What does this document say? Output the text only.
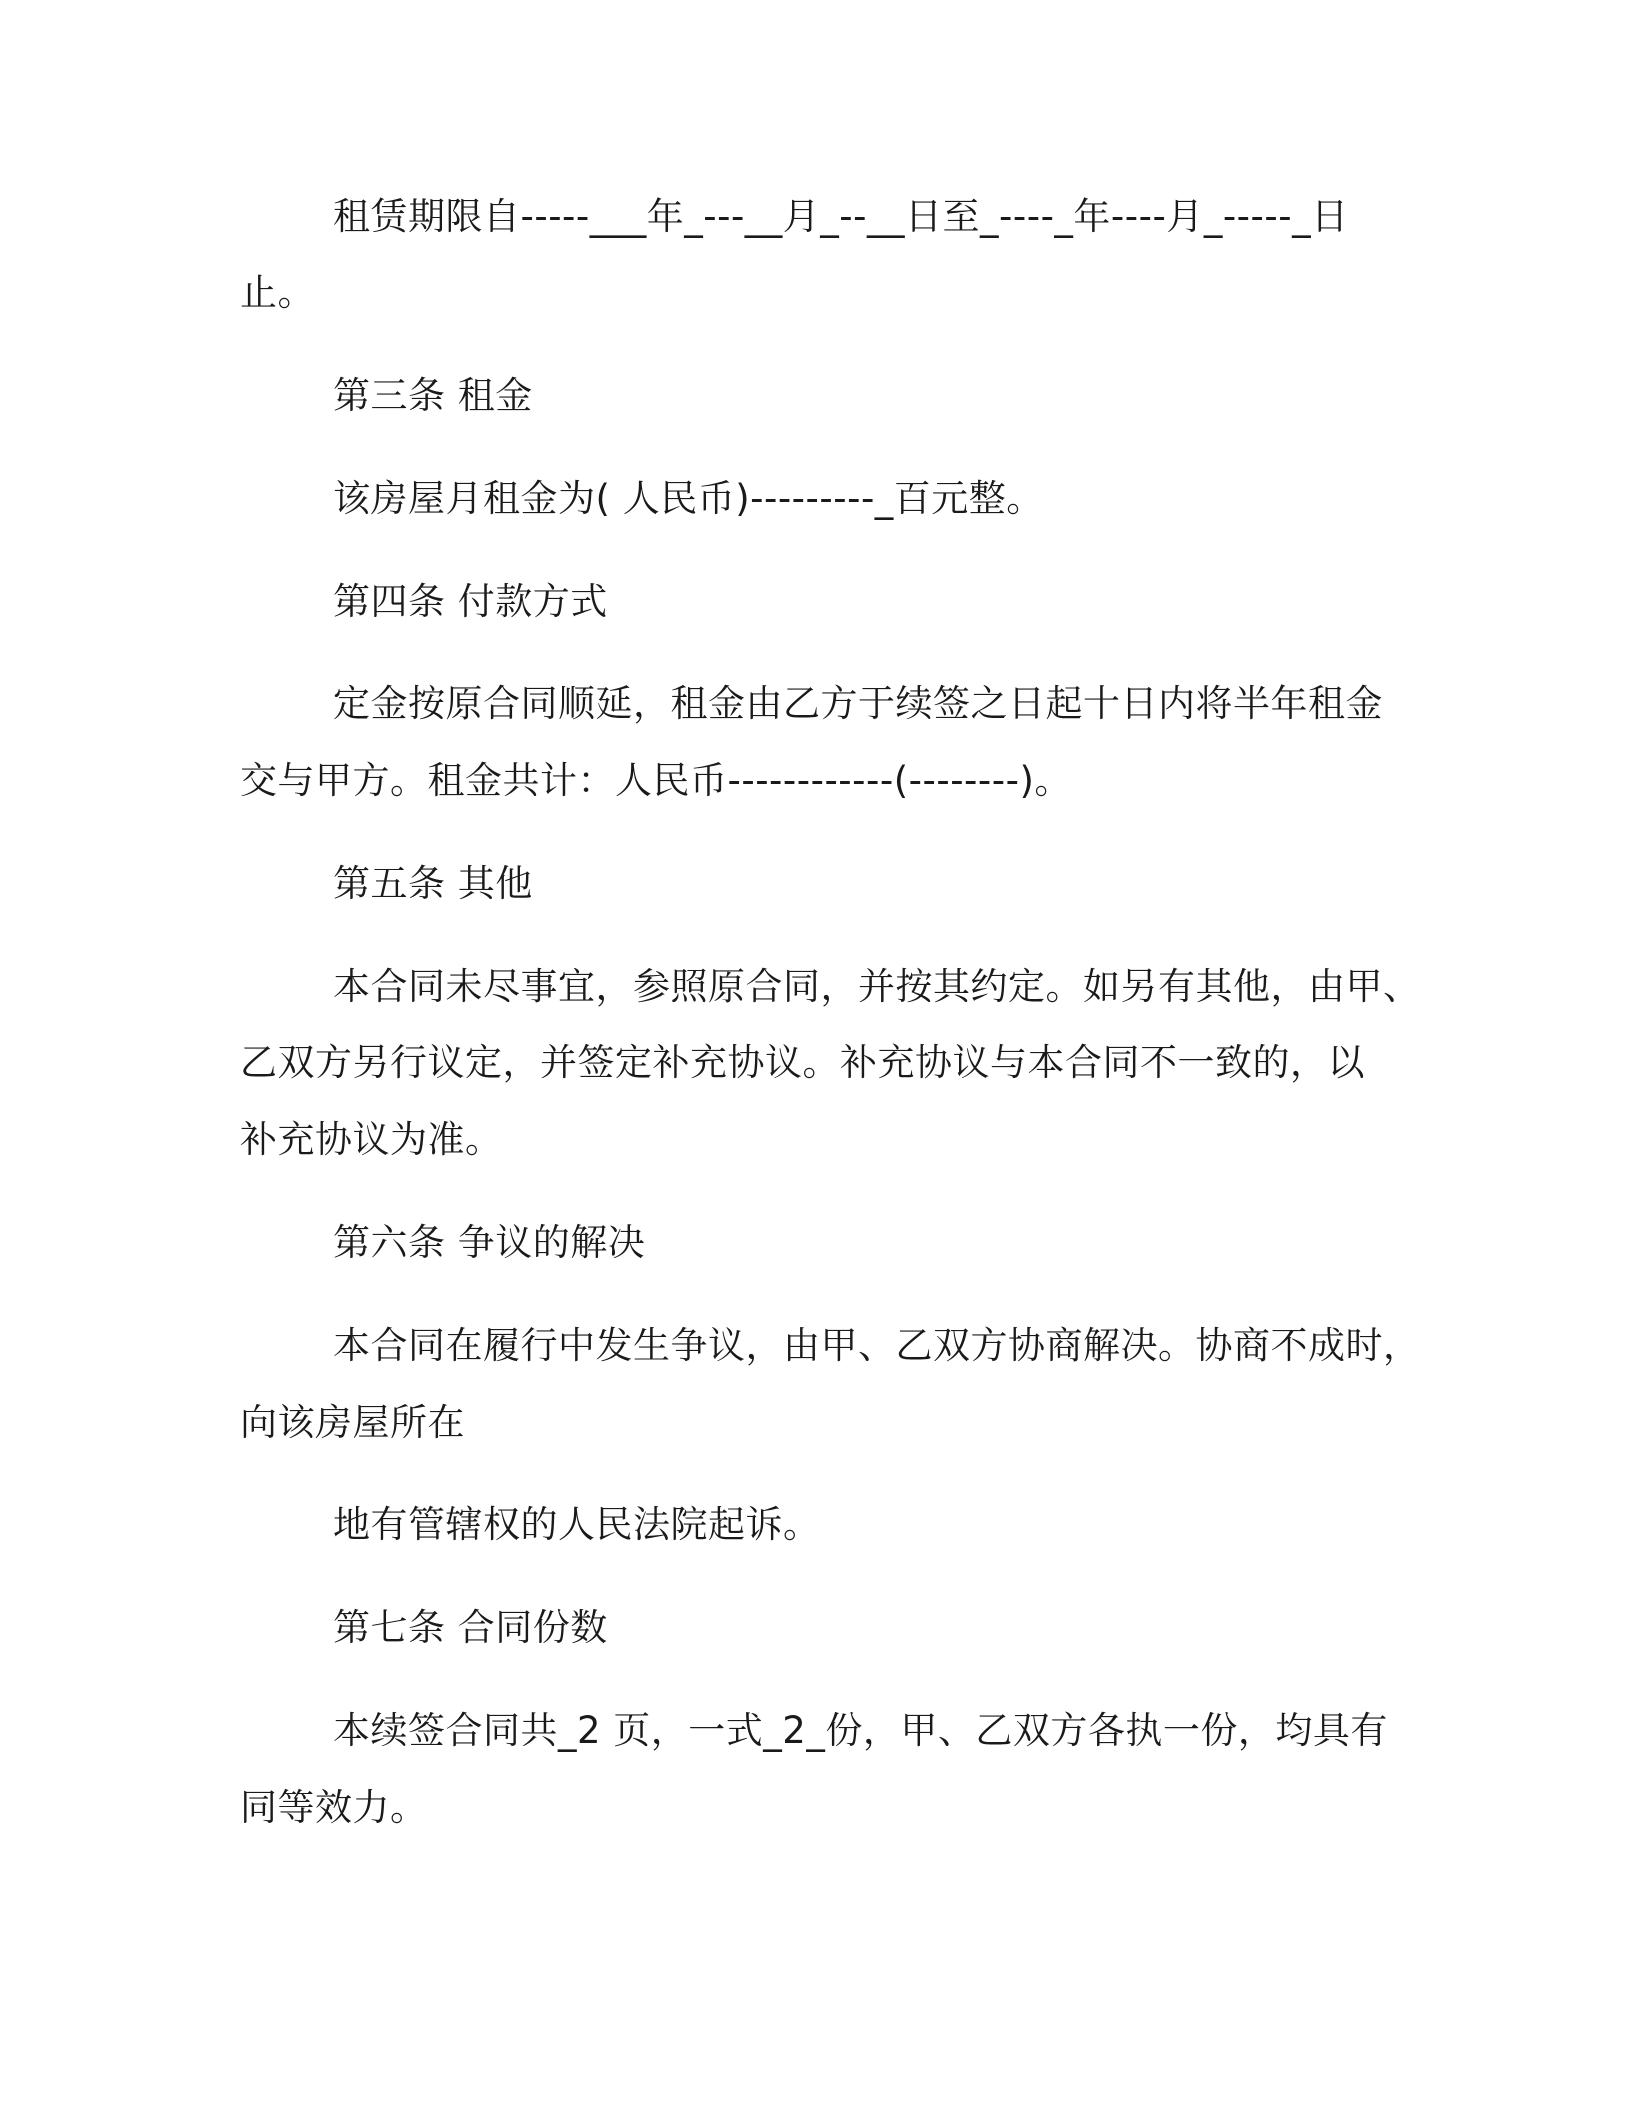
租赁期限自-----___年_---__月_--__日至_----_年----月_-----_日
止。
第三条 租金
该房屋月租金为( 人民币)---------_百元整。
第四条 付款方式
定金按原合同顺延，租金由乙方于续签之日起十日内将半年租金
交与甲方。租金共计：人民币------------(--------)。
第五条 其他
本合同未尽事宜，参照原合同，并按其约定。如另有其他，由甲、
乙双方另行议定，并签定补充协议。补充协议与本合同不一致的，以
补充协议为准。
第六条 争议的解决
本合同在履行中发生争议，由甲、乙双方协商解决。协商不成时，
向该房屋所在
地有管辖权的人民法院起诉。
第七条 合同份数
本续签合同共_2 页，一式_2_份，甲、乙双方各执一份，均具有
同等效力。
